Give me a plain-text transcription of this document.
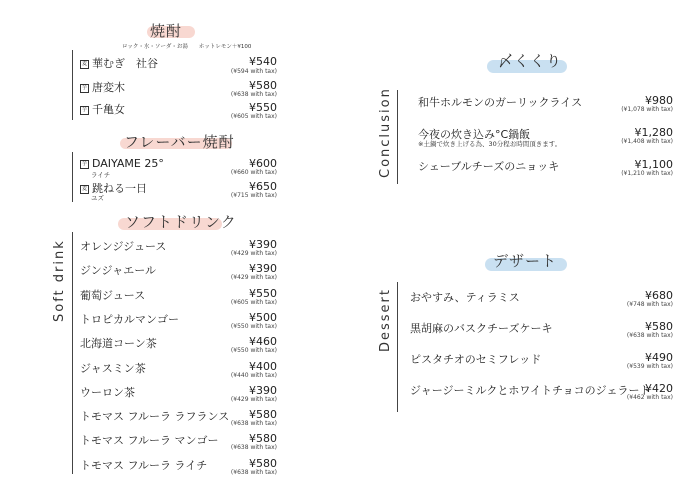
焼酎
ロック・水・ソーダ・お湯　　ホットレモン＋¥100
麦 華むぎ　社谷	¥540
(¥594 with tax)
芋 唐変木	¥580
(¥638 with tax)
芋 千亀女	¥550
(¥605 with tax)
フレーバー焼酎
芋 DAIYAME 25°
ライチ
¥600
(¥660 with tax)
麦 跳ねる一日
ユズ
¥650
(¥715 with tax)
ソフトドリンク
Soft drink オレンジジュース	¥390
(¥429 with tax)
ジンジャエール	¥390
(¥429 with tax)
葡萄ジュース	¥550
(¥605 with tax)
トロピカルマンゴー	¥500
(¥550 with tax)
北海道コーン茶	¥460
(¥550 with tax)
ジャスミン茶	¥400
(¥440 with tax)
ウーロン茶	¥390
(¥429 with tax)
トモマス フルーラ ラフランス ¥580
(¥638 with tax)
トモマス フルーラ マンゴー	¥580
(¥638 with tax)
トモマス フルーラ ライチ	¥580
(¥638 with tax)
〆くくり
Conclusion 和牛ホルモンのガーリックライス	¥980
(¥1,078 with tax)
今夜の炊き込み°C鍋飯	¥1,280
(¥1,408 with tax)
※土鍋で炊き上げる為、30分程お時間頂きます。
シェーブルチーズのニョッキ	¥1,100
(¥1,210 with tax)
デザート
Dessert おやすみ、ティラミス	¥680
(¥748 with tax)
黒胡麻のバスクチーズケーキ	¥580
(¥638 with tax)
ピスタチオのセミフレッド	¥490
(¥539 with tax)
ジャージーミルクとホワイトチョコのジェラート
¥420
(¥462 with tax)
